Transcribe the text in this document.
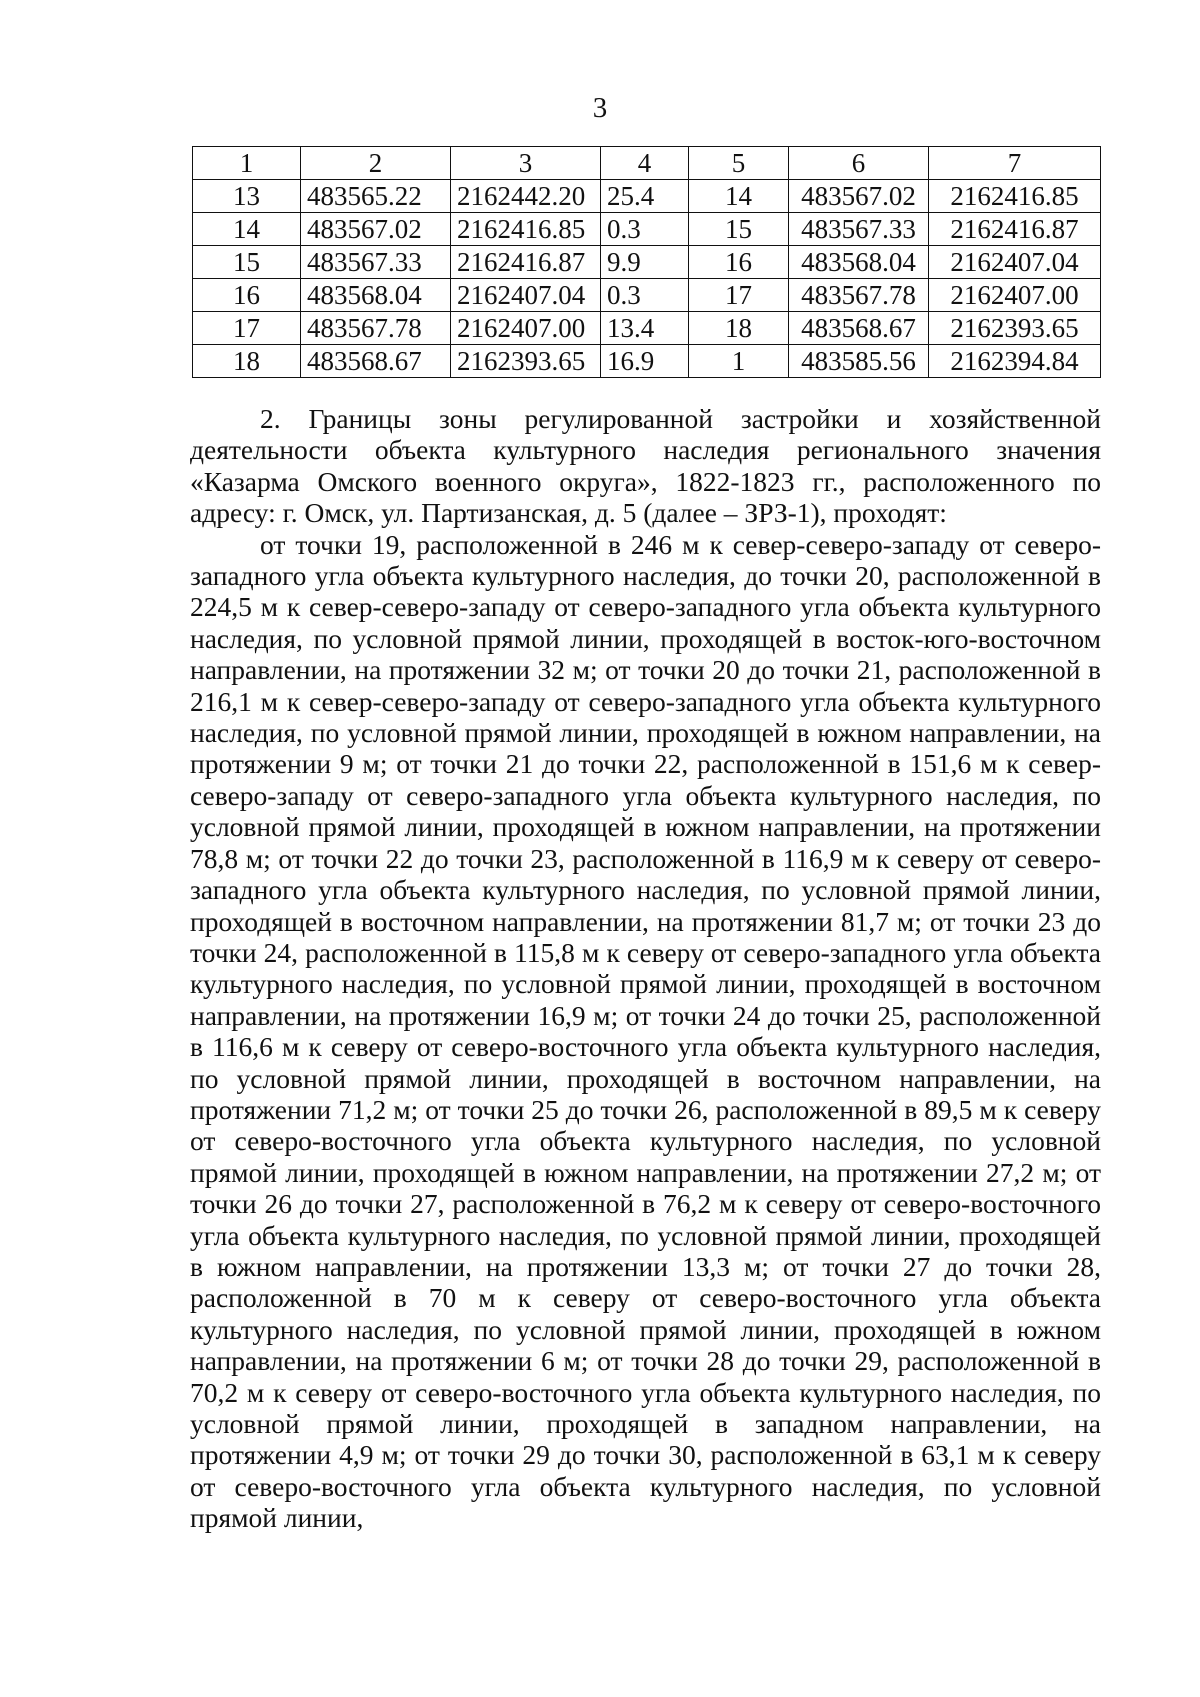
3
1	2	3	4	5	6	7
13	483565.22	2162442.20	25.4	14	483567.02	2162416.85
14	483567.02	2162416.85	0.3	15	483567.33	2162416.87
15	483567.33	2162416.87	9.9	16	483568.04	2162407.04
16	483568.04	2162407.04	0.3	17	483567.78	2162407.00
17	483567.78	2162407.00	13.4	18	483568.67	2162393.65
18	483568.67	2162393.65	16.9	1	483585.56	2162394.84

2. Границы зоны регулированной застройки и хозяйственной деятельности объекта культурного наследия регионального значения «Казарма Омского военного округа», 1822-1823 гг., расположенного по адресу: г. Омск, ул. Партизанская, д. 5 (далее – ЗРЗ-1), проходят:

от точки 19, расположенной в 246 м к север-северо-западу от северо-западного угла объекта культурного наследия, до точки 20, расположенной в 224,5 м к север-северо-западу от северо-западного угла объекта культурного наследия, по условной прямой линии, проходящей в восток-юго-восточном направлении, на протяжении 32 м; от точки 20 до точки 21, расположенной в 216,1 м к север-северо-западу от северо-западного угла объекта культурного наследия, по условной прямой линии, проходящей в южном направлении, на протяжении 9 м; от точки 21 до точки 22, расположенной в 151,6 м к север-северо-западу от северо-западного угла объекта культурного наследия, по условной прямой линии, проходящей в южном направлении, на протяжении 78,8 м; от точки 22 до точки 23, расположенной в 116,9 м к северу от северо-западного угла объекта культурного наследия, по условной прямой линии, проходящей в восточном направлении, на протяжении 81,7 м; от точки 23 до точки 24, расположенной в 115,8 м к северу от северо-западного угла объекта культурного наследия, по условной прямой линии, проходящей в восточном направлении, на протяжении 16,9 м; от точки 24 до точки 25, расположенной в 116,6 м к северу от северо-восточного угла объекта культурного наследия, по условной прямой линии, проходящей в восточном направлении, на протяжении 71,2 м; от точки 25 до точки 26, расположенной в 89,5 м к северу от северо-восточного угла объекта культурного наследия, по условной прямой линии, проходящей в южном направлении, на протяжении 27,2 м; от точки 26 до точки 27, расположенной в 76,2 м к северу от северо-восточного угла объекта культурного наследия, по условной прямой линии, проходящей в южном направлении, на протяжении 13,3 м; от точки 27 до точки 28, расположенной в 70 м к северу от северо-восточного угла объекта культурного наследия, по условной прямой линии, проходящей в южном направлении, на протяжении 6 м; от точки 28 до точки 29, расположенной в 70,2 м к северу от северо-восточного угла объекта культурного наследия, по условной прямой линии, проходящей в западном направлении, на протяжении 4,9 м; от точки 29 до точки 30, расположенной в 63,1 м к северу от северо-восточного угла объекта культурного наследия, по условной прямой линии,
